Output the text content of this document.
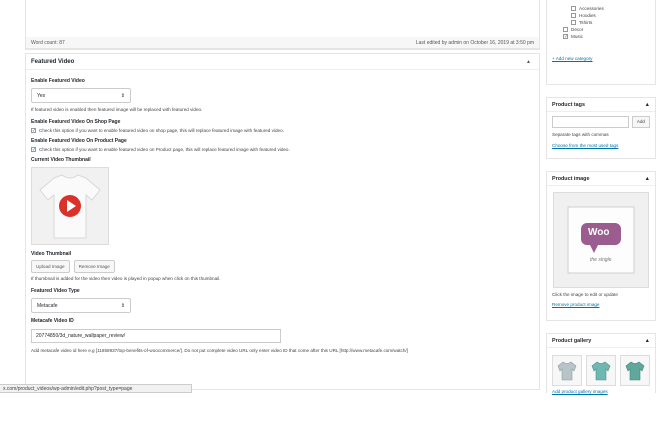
Word count: 87	Last edited by admin on October 16, 2019 at 3:50 pm
Featured Video	▲
Enable Featured Video
Yes	⇕
If featured video is enabled then featured image will be replaced with featured video.
Enable Featured Video On Shop Page
✓ Check this option if you want to enable featured video on shop page, this will replace featured image with featured video.
Enable Featured Video On Product Page
✓ Check this option if you want to enable featured video on Product page, this will replace featured image with featured video.
Current Video Thumbnail
Video Thumbnail
Upload Image	Remove Image
If thumbnail is added for the video then video is played in popup when click on this thumbnail.
Featured Video Type
Metacafe	⇕
Metacafe Video ID
20774850/3d_nature_wallpaper_review/
Add metacafe video id here e.g [11858937/top-benefits-of-woocommerce/]. Do not put complete video URL only enter video ID that come after this URL [http://www.metacafe.com/watch/]
x.com/product_videos/wp-admin/edit.php?post_type=page
Accessories
Hoodies
Tshirts
Decor
✓ Music
+ Add new category
Product tags	▲
Add
Separate tags with commas
Choose from the most used tags
Product image	▲
Woo
the single
Click the image to edit or update
Remove product image
Product gallery	▲
Add product gallery images
